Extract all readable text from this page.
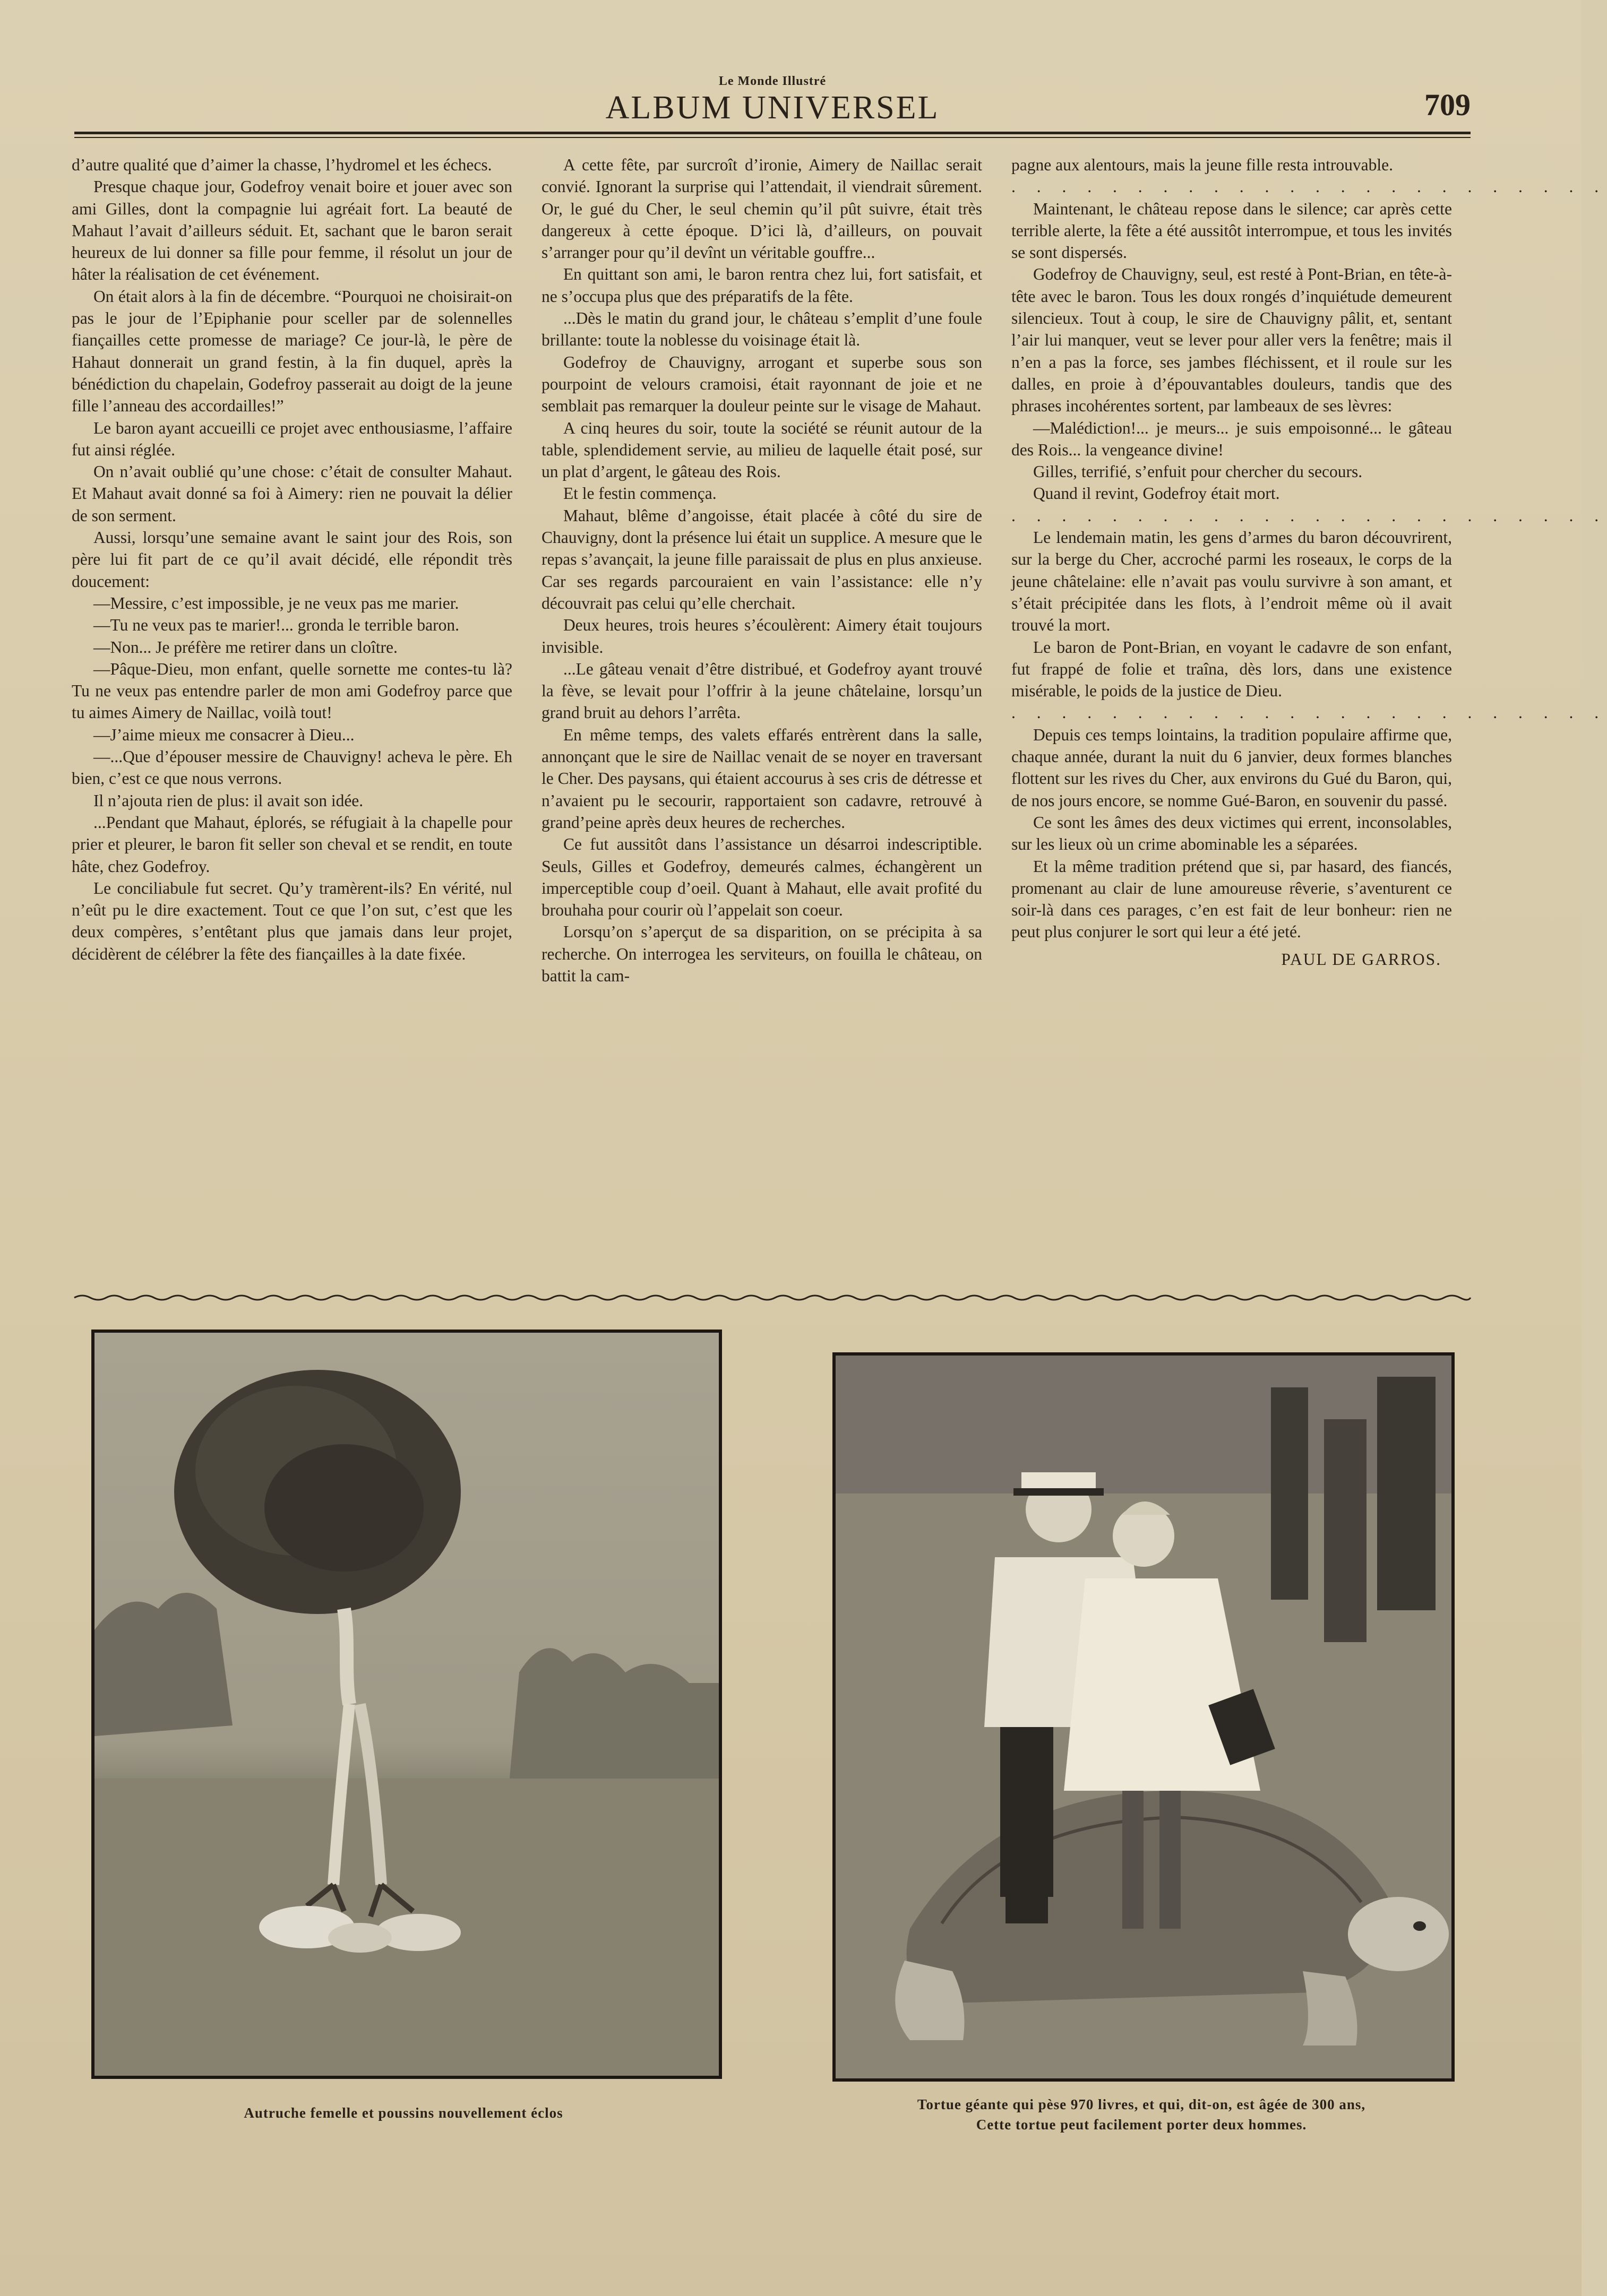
Le Monde Illustré
ALBUM UNIVERSEL	709

d’autre qualité que d’aimer la chasse, l’hydromel et les échecs.

Presque chaque jour, Godefroy venait boire et jouer avec son ami Gilles, dont la compagnie lui agréait fort. La beauté de Mahaut l’avait d’ailleurs séduit. Et, sachant que le baron serait heureux de lui donner sa fille pour femme, il résolut un jour de hâter la réalisation de cet événement.

On était alors à la fin de décembre. “Pourquoi ne choisirait-on pas le jour de l’Epiphanie pour sceller par de solennelles fiançailles cette promesse de mariage? Ce jour-là, le père de Hahaut donnerait un grand festin, à la fin duquel, après la bénédiction du chapelain, Godefroy passerait au doigt de la jeune fille l’anneau des accordailles!”

Le baron ayant accueilli ce projet avec enthousiasme, l’affaire fut ainsi réglée.

On n’avait oublié qu’une chose: c’était de consulter Mahaut. Et Mahaut avait donné sa foi à Aimery: rien ne pouvait la délier de son serment.

Aussi, lorsqu’une semaine avant le saint jour des Rois, son père lui fit part de ce qu’il avait décidé, elle répondit très doucement:

—Messire, c’est impossible, je ne veux pas me marier.

—Tu ne veux pas te marier!... gronda le terrible baron.

—Non... Je préfère me retirer dans un cloître.

—Pâque-Dieu, mon enfant, quelle sornette me contes-tu là? Tu ne veux pas entendre parler de mon ami Godefroy parce que tu aimes Aimery de Naillac, voilà tout!

—J’aime mieux me consacrer à Dieu...

—...Que d’épouser messire de Chauvigny! acheva le père. Eh bien, c’est ce que nous verrons.

Il n’ajouta rien de plus: il avait son idée.

...Pendant que Mahaut, éplorés, se réfugiait à la chapelle pour prier et pleurer, le baron fit seller son cheval et se rendit, en toute hâte, chez Godefroy.

Le conciliabule fut secret. Qu’y tramèrent-ils? En vérité, nul n’eût pu le dire exactement. Tout ce que l’on sut, c’est que les deux compères, s’entêtant plus que jamais dans leur projet, décidèrent de célébrer la fête des fiançailles à la date fixée.

A cette fête, par surcroît d’ironie, Aimery de Naillac serait convié. Ignorant la surprise qui l’attendait, il viendrait sûrement. Or, le gué du Cher, le seul chemin qu’il pût suivre, était très dangereux à cette époque. D’ici là, d’ailleurs, on pouvait s’arranger pour qu’il devînt un véritable gouffre...

En quittant son ami, le baron rentra chez lui, fort satisfait, et ne s’occupa plus que des préparatifs de la fête.

...Dès le matin du grand jour, le château s’emplit d’une foule brillante: toute la noblesse du voisinage était là.

Godefroy de Chauvigny, arrogant et superbe sous son pourpoint de velours cramoisi, était rayonnant de joie et ne semblait pas remarquer la douleur peinte sur le visage de Mahaut.

A cinq heures du soir, toute la société se réunit autour de la table, splendidement servie, au milieu de laquelle était posé, sur un plat d’argent, le gâteau des Rois.

Et le festin commença.

Mahaut, blême d’angoisse, était placée à côté du sire de Chauvigny, dont la présence lui était un supplice. A mesure que le repas s’avançait, la jeune fille paraissait de plus en plus anxieuse. Car ses regards parcouraient en vain l’assistance: elle n’y découvrait pas celui qu’elle cherchait.

Deux heures, trois heures s’écoulèrent: Aimery était toujours invisible.

...Le gâteau venait d’être distribué, et Godefroy ayant trouvé la fève, se levait pour l’offrir à la jeune châtelaine, lorsqu’un grand bruit au dehors l’arrêta.

En même temps, des valets effarés entrèrent dans la salle, annonçant que le sire de Naillac venait de se noyer en traversant le Cher. Des paysans, qui étaient accourus à ses cris de détresse et n’avaient pu le secourir, rapportaient son cadavre, retrouvé à grand’peine après deux heures de recherches.

Ce fut aussitôt dans l’assistance un désarroi indescriptible. Seuls, Gilles et Godefroy, demeurés calmes, échangèrent un imperceptible coup d’oeil. Quant à Mahaut, elle avait profité du brouhaha pour courir où l’appelait son coeur.

Lorsqu’on s’aperçut de sa disparition, on se précipita à sa recherche. On interrogea les serviteurs, on fouilla le château, on battit la cam-

pagne aux alentours, mais la jeune fille resta introuvable.

. . . . . . . . . . . . . . . . . . . . . . . .

Maintenant, le château repose dans le silence; car après cette terrible alerte, la fête a été aussitôt interrompue, et tous les invités se sont dispersés.

Godefroy de Chauvigny, seul, est resté à Pont-Brian, en tête-à-tête avec le baron. Tous les doux rongés d’inquiétude demeurent silencieux. Tout à coup, le sire de Chauvigny pâlit, et, sentant l’air lui manquer, veut se lever pour aller vers la fenêtre; mais il n’en a pas la force, ses jambes fléchissent, et il roule sur les dalles, en proie à d’épouvantables douleurs, tandis que des phrases incohérentes sortent, par lambeaux de ses lèvres:

—Malédiction!... je meurs... je suis empoisonné... le gâteau des Rois... la vengeance divine!

Gilles, terrifié, s’enfuit pour chercher du secours.

Quand il revint, Godefroy était mort.

. . . . . . . . . . . . . . . . . . . . . . . .

Le lendemain matin, les gens d’armes du baron découvrirent, sur la berge du Cher, accroché parmi les roseaux, le corps de la jeune châtelaine: elle n’avait pas voulu survivre à son amant, et s’était précipitée dans les flots, à l’endroit même où il avait trouvé la mort.

Le baron de Pont-Brian, en voyant le cadavre de son enfant, fut frappé de folie et traîna, dès lors, dans une existence misérable, le poids de la justice de Dieu.

. . . . . . . . . . . . . . . . . . . . . . . .

Depuis ces temps lointains, la tradition populaire affirme que, chaque année, durant la nuit du 6 janvier, deux formes blanches flottent sur les rives du Cher, aux environs du Gué du Baron, qui, de nos jours encore, se nomme Gué-Baron, en souvenir du passé.

Ce sont les âmes des deux victimes qui errent, inconsolables, sur les lieux où un crime abominable les a séparées.

Et la même tradition prétend que si, par hasard, des fiancés, promenant au clair de lune amoureuse rêverie, s’aventurent ce soir-là dans ces parages, c’en est fait de leur bonheur: rien ne peut plus conjurer le sort qui leur a été jeté.

PAUL DE GARROS.

Autruche femelle et poussins nouvellement éclos
Tortue géante qui pèse 970 livres, et qui, dit-on, est âgée de 300 ans,
Cette tortue peut facilement porter deux hommes.
